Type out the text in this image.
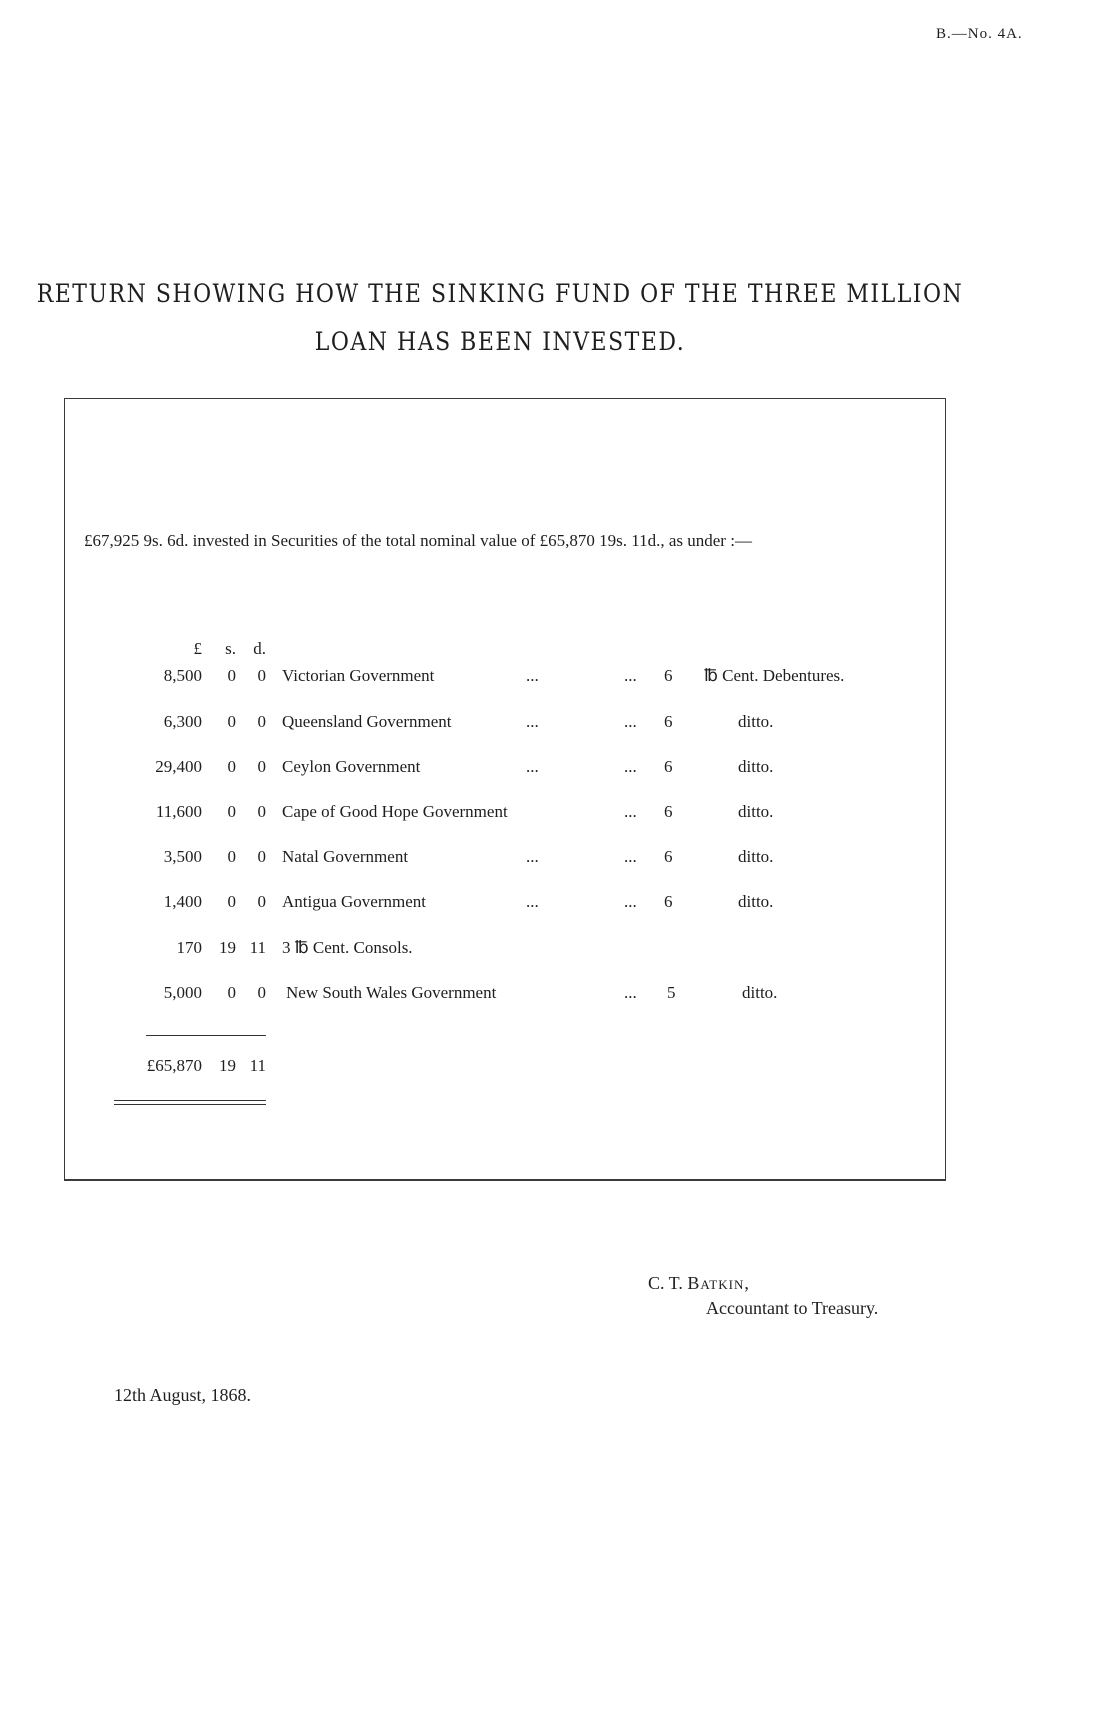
B.—No. 4A.
RETURN SHOWING HOW THE SINKING FUND OF THE THREE MILLION
LOAN HAS BEEN INVESTED.
£67,925 9s. 6d. invested in Securities of the total nominal value of £65,870 19s. 11d., as under :—
£	s.	d.
8,500	0	0 Victorian Government	...	... 6 ℔ Cent. Debentures.
6,300	0	0 Queensland Government	...	... 6	ditto.
29,400	0	0 Ceylon Government	...	... 6	ditto.
11,600	0	0 Cape of Good Hope Government	... 6	ditto.
3,500	0	0 Natal Government	...	... 6	ditto.
1,400	0	0 Antigua Government	...	... 6	ditto.
170	19 11 3 ℔ Cent. Consols.
5,000	0	0 New South Wales Government	... 5	ditto.
£65,870	19 11
C. T. Batkin,
Accountant to Treasury.
12th August, 1868.
